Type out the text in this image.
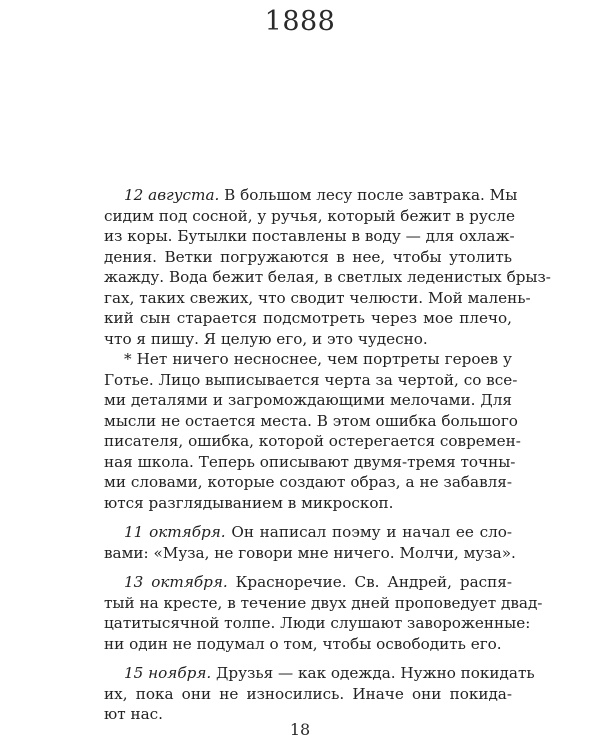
1888
12 августа. В большом лесу после завтрака. Мы
сидим под сосной, у ручья, который бежит в русле
из коры. Бутылки поставлены в воду — для охлаж-
дения. Ветки погружаются в нее, чтобы утолить
жажду. Вода бежит белая, в светлых леденистых брыз-
гах, таких свежих, что сводит челюсти. Мой малень-
кий сын старается подсмотреть через мое плечо,
что я пишу. Я целую его, и это чудесно.
* Нет ничего несноснее, чем портреты героев у
Готье. Лицо выписывается черта за чертой, со все-
ми деталями и загромождающими мелочами. Для
мысли не остается места. В этом ошибка большого
писателя, ошибка, которой остерегается современ-
ная школа. Теперь описывают двумя-тремя точны-
ми словами, которые создают образ, а не забавля-
ются разглядыванием в микроскоп.
11 октября. Он написал поэму и начал ее сло-
вами: «Муза, не говори мне ничего. Молчи, муза».
13 октября. Красноречие. Св. Андрей, распя-
тый на кресте, в течение двух дней проповедует двад-
цатитысячной толпе. Люди слушают завороженные:
ни один не подумал о том, чтобы освободить его.
15 ноября. Друзья — как одежда. Нужно покидать
их, пока они не износились. Иначе они покида-
ют нас.
18
